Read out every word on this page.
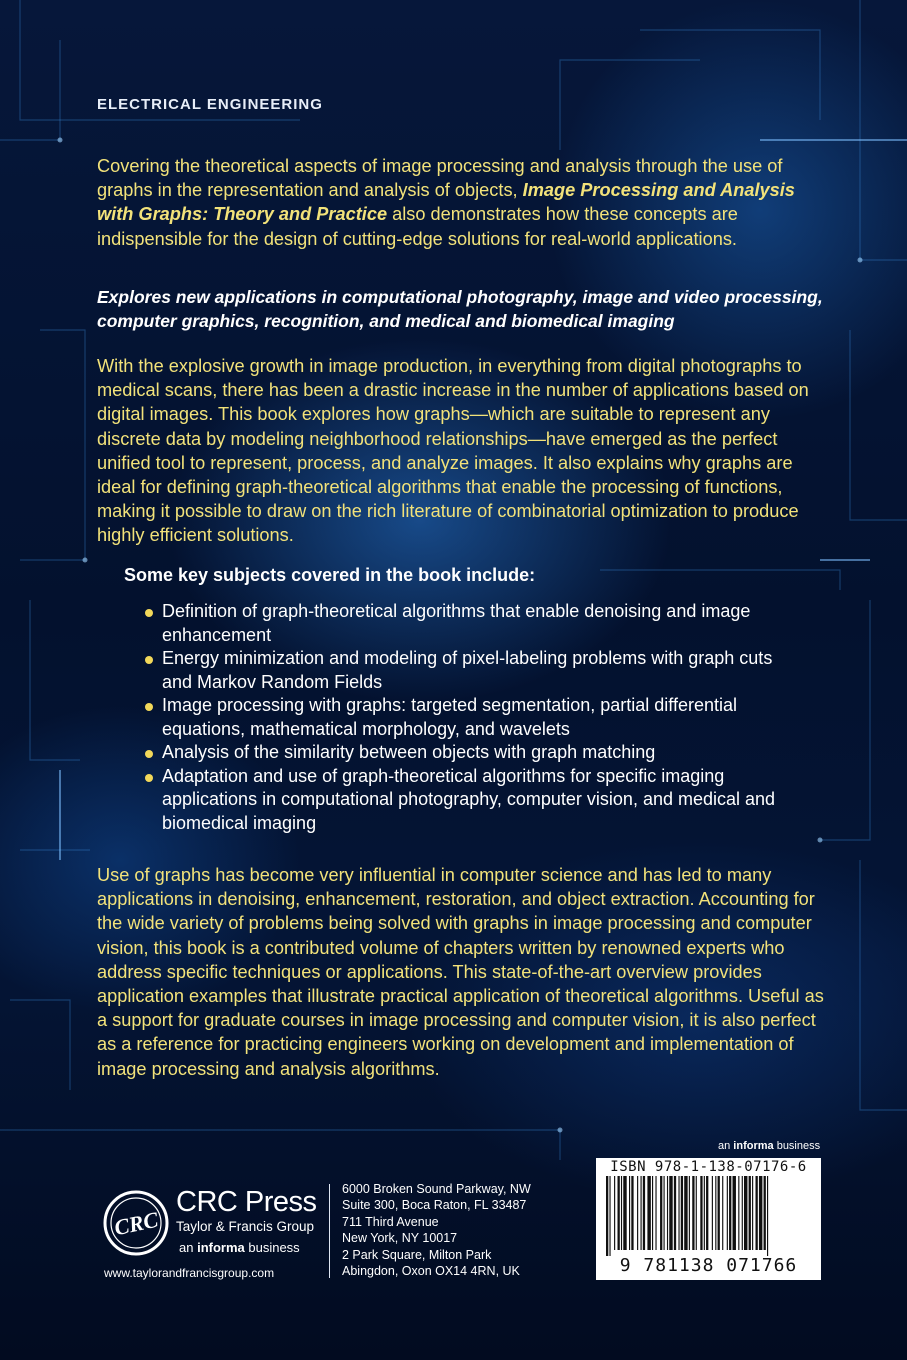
ELECTRICAL ENGINEERING

Covering the theoretical aspects of image processing and analysis through the use of graphs in the representation and analysis of objects, Image Processing and Analysis with Graphs: Theory and Practice also demonstrates how these concepts are indispensible for the design of cutting-edge solutions for real-world applications.

Explores new applications in computational photography, image and video processing, computer graphics, recognition, and medical and biomedical imaging

With the explosive growth in image production, in everything from digital photographs to medical scans, there has been a drastic increase in the number of applications based on digital images. This book explores how graphs—which are suitable to represent any discrete data by modeling neighborhood relationships—have emerged as the perfect unified tool to represent, process, and analyze images. It also explains why graphs are ideal for defining graph-theoretical algorithms that enable the processing of functions, making it possible to draw on the rich literature of combinatorial optimization to produce highly efficient solutions.

Some key subjects covered in the book include:
Definition of graph-theoretical algorithms that enable denoising and image enhancement
Energy minimization and modeling of pixel-labeling problems with graph cuts and Markov Random Fields
Image processing with graphs: targeted segmentation, partial differential equations, mathematical morphology, and wavelets
Analysis of the similarity between objects with graph matching
Adaptation and use of graph-theoretical algorithms for specific imaging applications in computational photography, computer vision, and medical and biomedical imaging

Use of graphs has become very influential in computer science and has led to many applications in denoising, enhancement, restoration, and object extraction. Accounting for the wide variety of problems being solved with graphs in image processing and computer vision, this book is a contributed volume of chapters written by renowned experts who address specific techniques or applications. This state-of-the-art overview provides application examples that illustrate practical application of theoretical algorithms. Useful as a support for graduate courses in image processing and computer vision, it is also perfect as a reference for practicing engineers working on development and implementation of image processing and analysis algorithms.

an informa business
ISBN 978-1-138-07176-6
9 781138 071766
CRC
CRC Press
Taylor & Francis Group
an informa business
www.taylorandfrancisgroup.com
6000 Broken Sound Parkway, NW
Suite 300, Boca Raton, FL 33487
711 Third Avenue
New York, NY 10017
2 Park Square, Milton Park
Abingdon, Oxon OX14 4RN, UK
